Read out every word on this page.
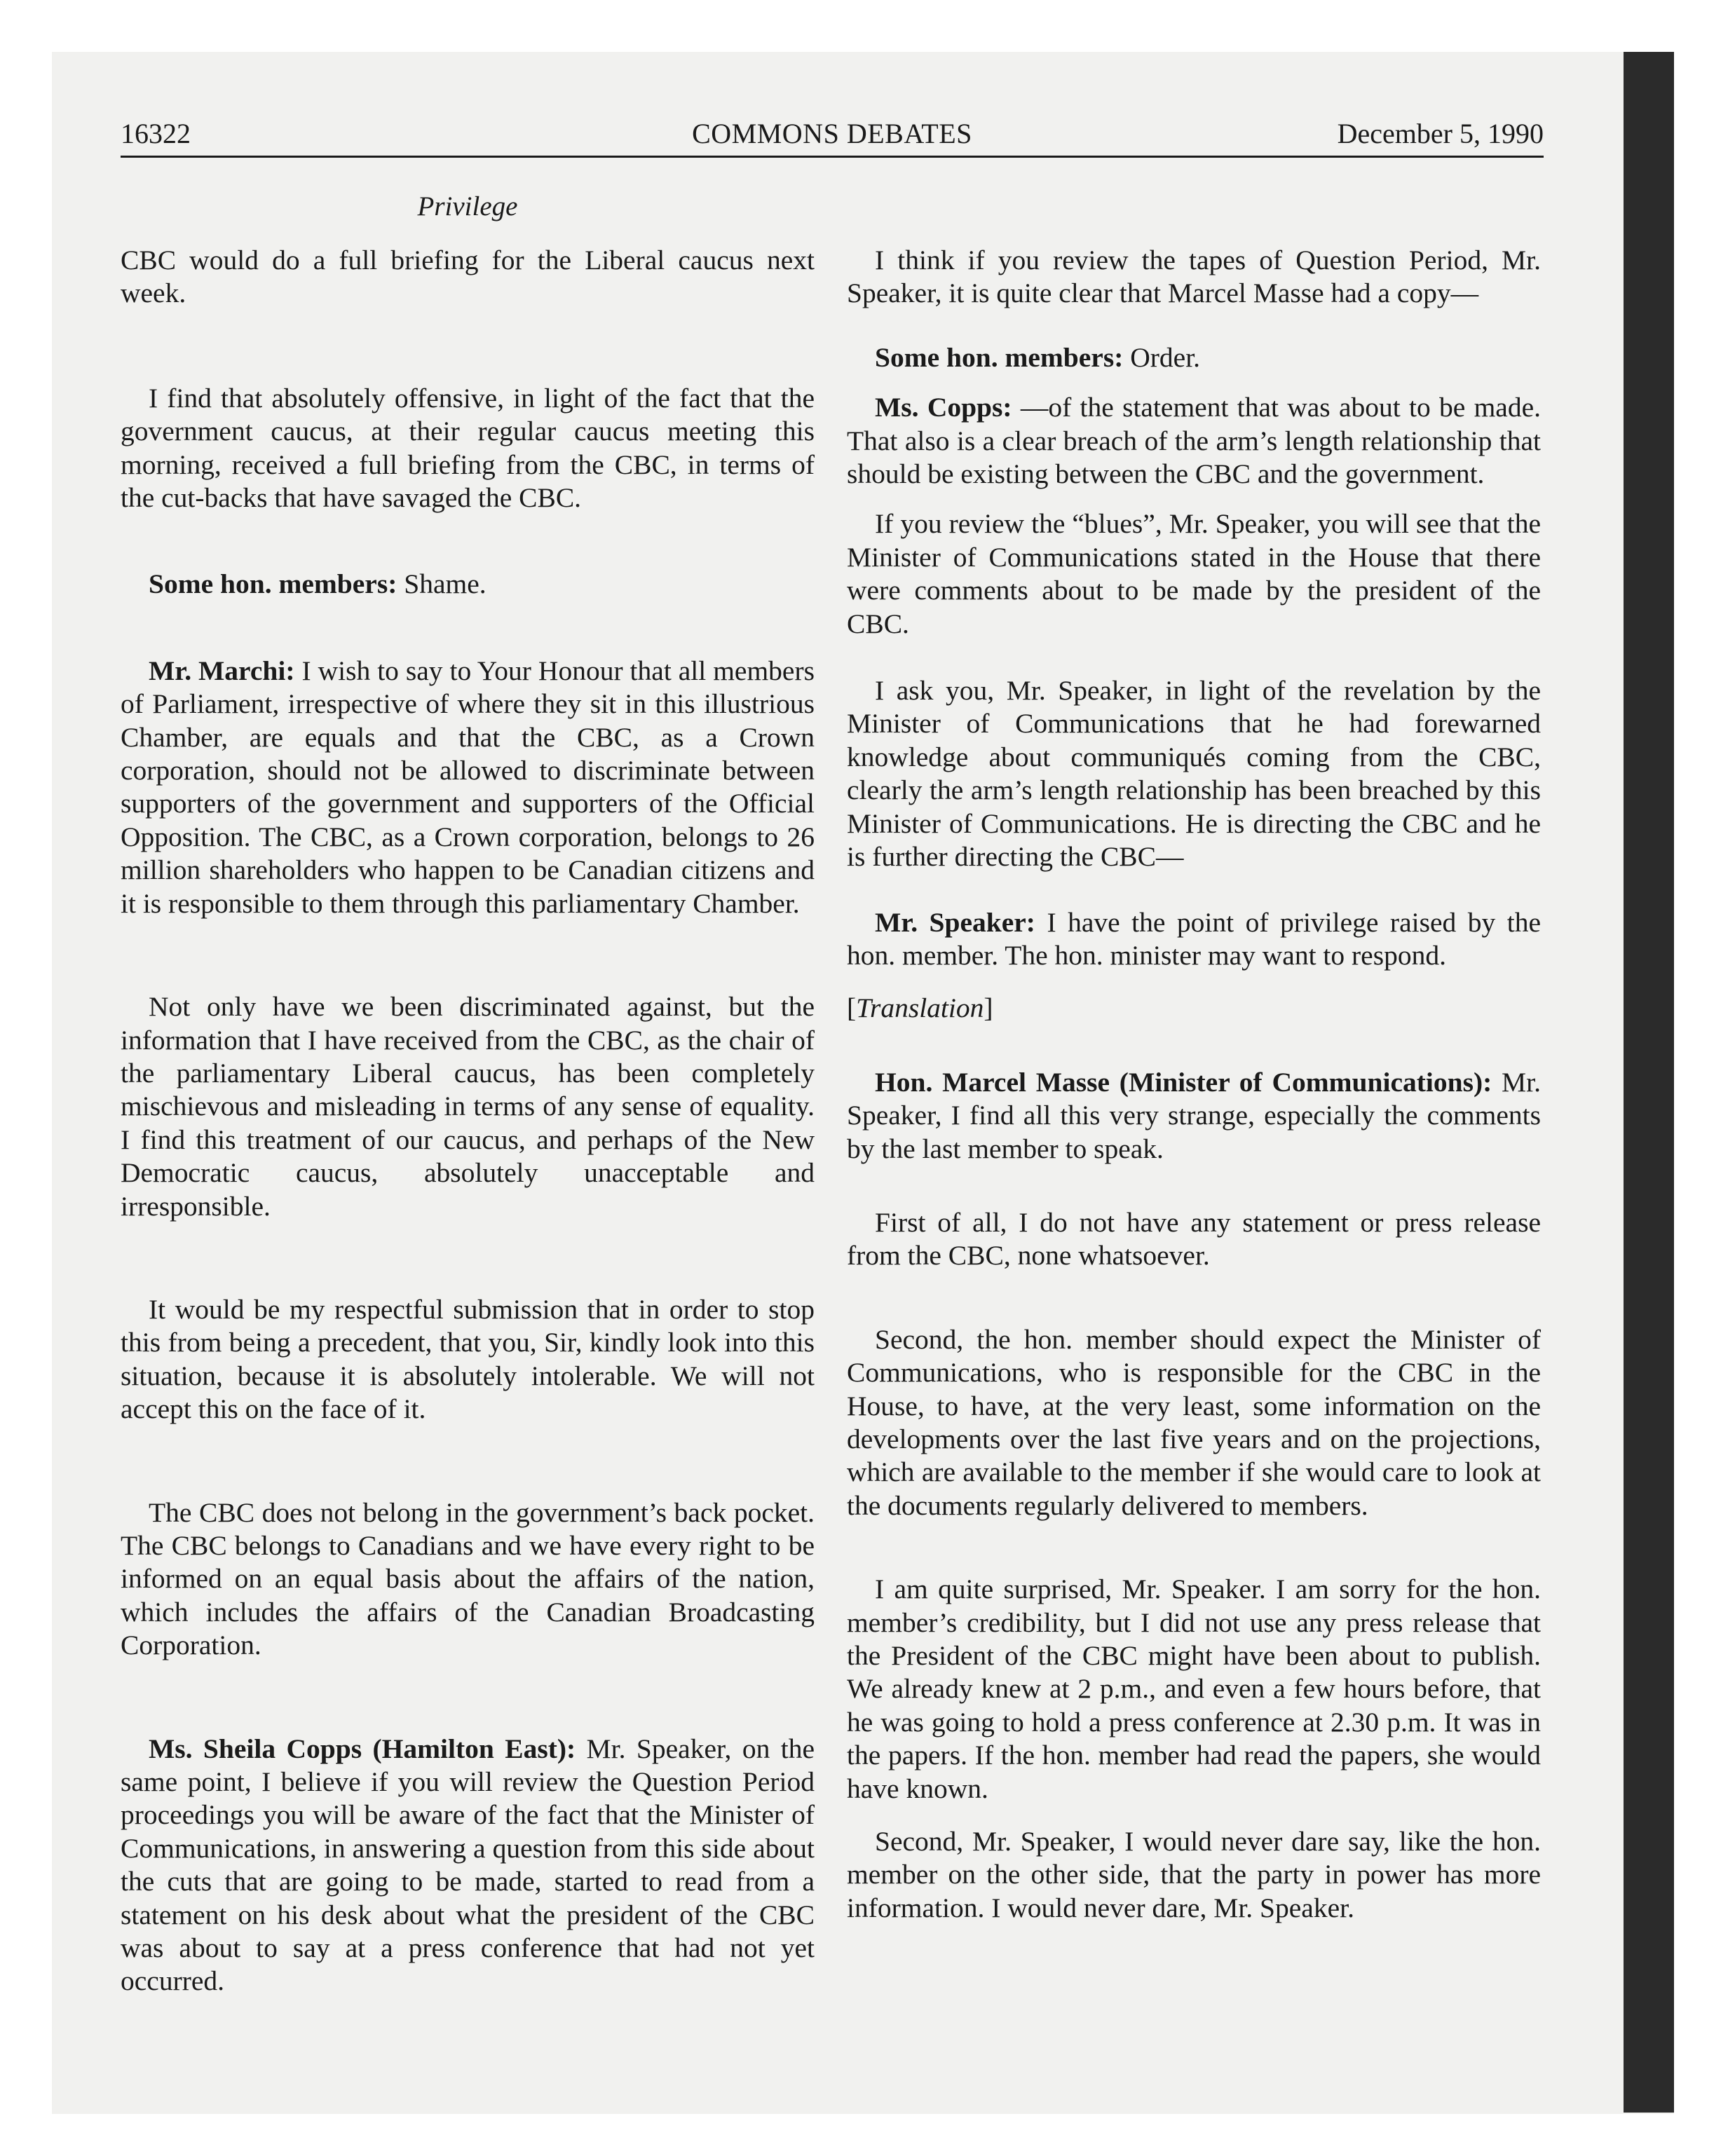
16322	COMMONS DEBATES	December 5, 1990
Privilege

CBC would do a full briefing for the Liberal caucus next week.

I find that absolutely offensive, in light of the fact that the government caucus, at their regular caucus meeting this morning, received a full briefing from the CBC, in terms of the cut-backs that have savaged the CBC.

Some hon. members: Shame.

Mr. Marchi: I wish to say to Your Honour that all members of Parliament, irrespective of where they sit in this illustrious Chamber, are equals and that the CBC, as a Crown corporation, should not be allowed to discriminate between supporters of the government and supporters of the Official Opposition. The CBC, as a Crown corporation, belongs to 26 million shareholders who happen to be Canadian citizens and it is responsible to them through this parliamentary Chamber.

Not only have we been discriminated against, but the information that I have received from the CBC, as the chair of the parliamentary Liberal caucus, has been completely mischievous and misleading in terms of any sense of equality. I find this treatment of our caucus, and perhaps of the New Democratic caucus, absolutely unacceptable and irresponsible.

It would be my respectful submission that in order to stop this from being a precedent, that you, Sir, kindly look into this situation, because it is absolutely intolerable. We will not accept this on the face of it.

The CBC does not belong in the government’s back pocket. The CBC belongs to Canadians and we have every right to be informed on an equal basis about the affairs of the nation, which includes the affairs of the Canadian Broadcasting Corporation.

Ms. Sheila Copps (Hamilton East): Mr. Speaker, on the same point, I believe if you will review the Question Period proceedings you will be aware of the fact that the Minister of Communications, in answering a question from this side about the cuts that are going to be made, started to read from a statement on his desk about what the president of the CBC was about to say at a press conference that had not yet occurred.

I think if you review the tapes of Question Period, Mr. Speaker, it is quite clear that Marcel Masse had a copy—

Some hon. members: Order.

Ms. Copps: —of the statement that was about to be made. That also is a clear breach of the arm’s length relationship that should be existing between the CBC and the government.

If you review the “blues”, Mr. Speaker, you will see that the Minister of Communications stated in the House that there were comments about to be made by the president of the CBC.

I ask you, Mr. Speaker, in light of the revelation by the Minister of Communications that he had forewarned knowledge about communiqués coming from the CBC, clearly the arm’s length relationship has been breached by this Minister of Communications. He is directing the CBC and he is further directing the CBC—

Mr. Speaker: I have the point of privilege raised by the hon. member. The hon. minister may want to respond.

[Translation]

Hon. Marcel Masse (Minister of Communications): Mr. Speaker, I find all this very strange, especially the comments by the last member to speak.

First of all, I do not have any statement or press release from the CBC, none whatsoever.

Second, the hon. member should expect the Minister of Communications, who is responsible for the CBC in the House, to have, at the very least, some information on the developments over the last five years and on the projections, which are available to the member if she would care to look at the documents regularly delivered to members.

I am quite surprised, Mr. Speaker. I am sorry for the hon. member’s credibility, but I did not use any press release that the President of the CBC might have been about to publish. We already knew at 2 p.m., and even a few hours before, that he was going to hold a press conference at 2.30 p.m. It was in the papers. If the hon. member had read the papers, she would have known.

Second, Mr. Speaker, I would never dare say, like the hon. member on the other side, that the party in power has more information. I would never dare, Mr. Speaker.
